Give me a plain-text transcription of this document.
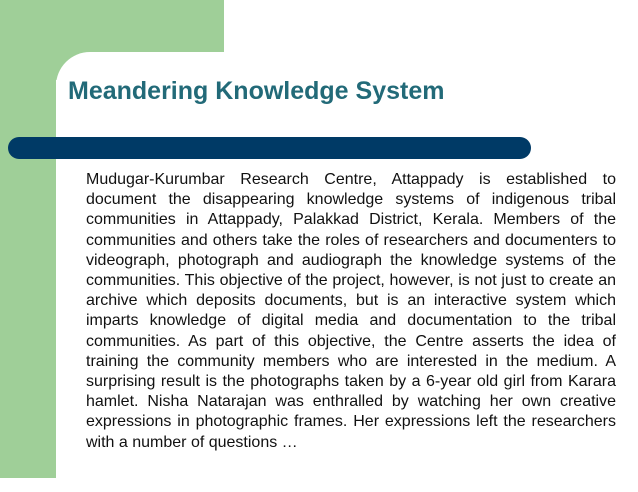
Meandering Knowledge System

Mudugar-Kurumbar Research Centre, Attappady is established to document the disappearing knowledge systems of indigenous tribal communities in Attappady, Palakkad District, Kerala. Members of the communities and others take the roles of researchers and documenters to videograph, photograph and audiograph the knowledge systems of the communities. This objective of the project, however, is not just to create an archive which deposits documents, but is an interactive system which imparts knowledge of digital media and documentation to the tribal communities. As part of this objective, the Centre asserts the idea of training the community members who are interested in the medium. A surprising result is the photographs taken by a 6-year old girl from Karara hamlet. Nisha Natarajan was enthralled by watching her own creative expressions in photographic frames. Her expressions left the researchers with a number of questions …
